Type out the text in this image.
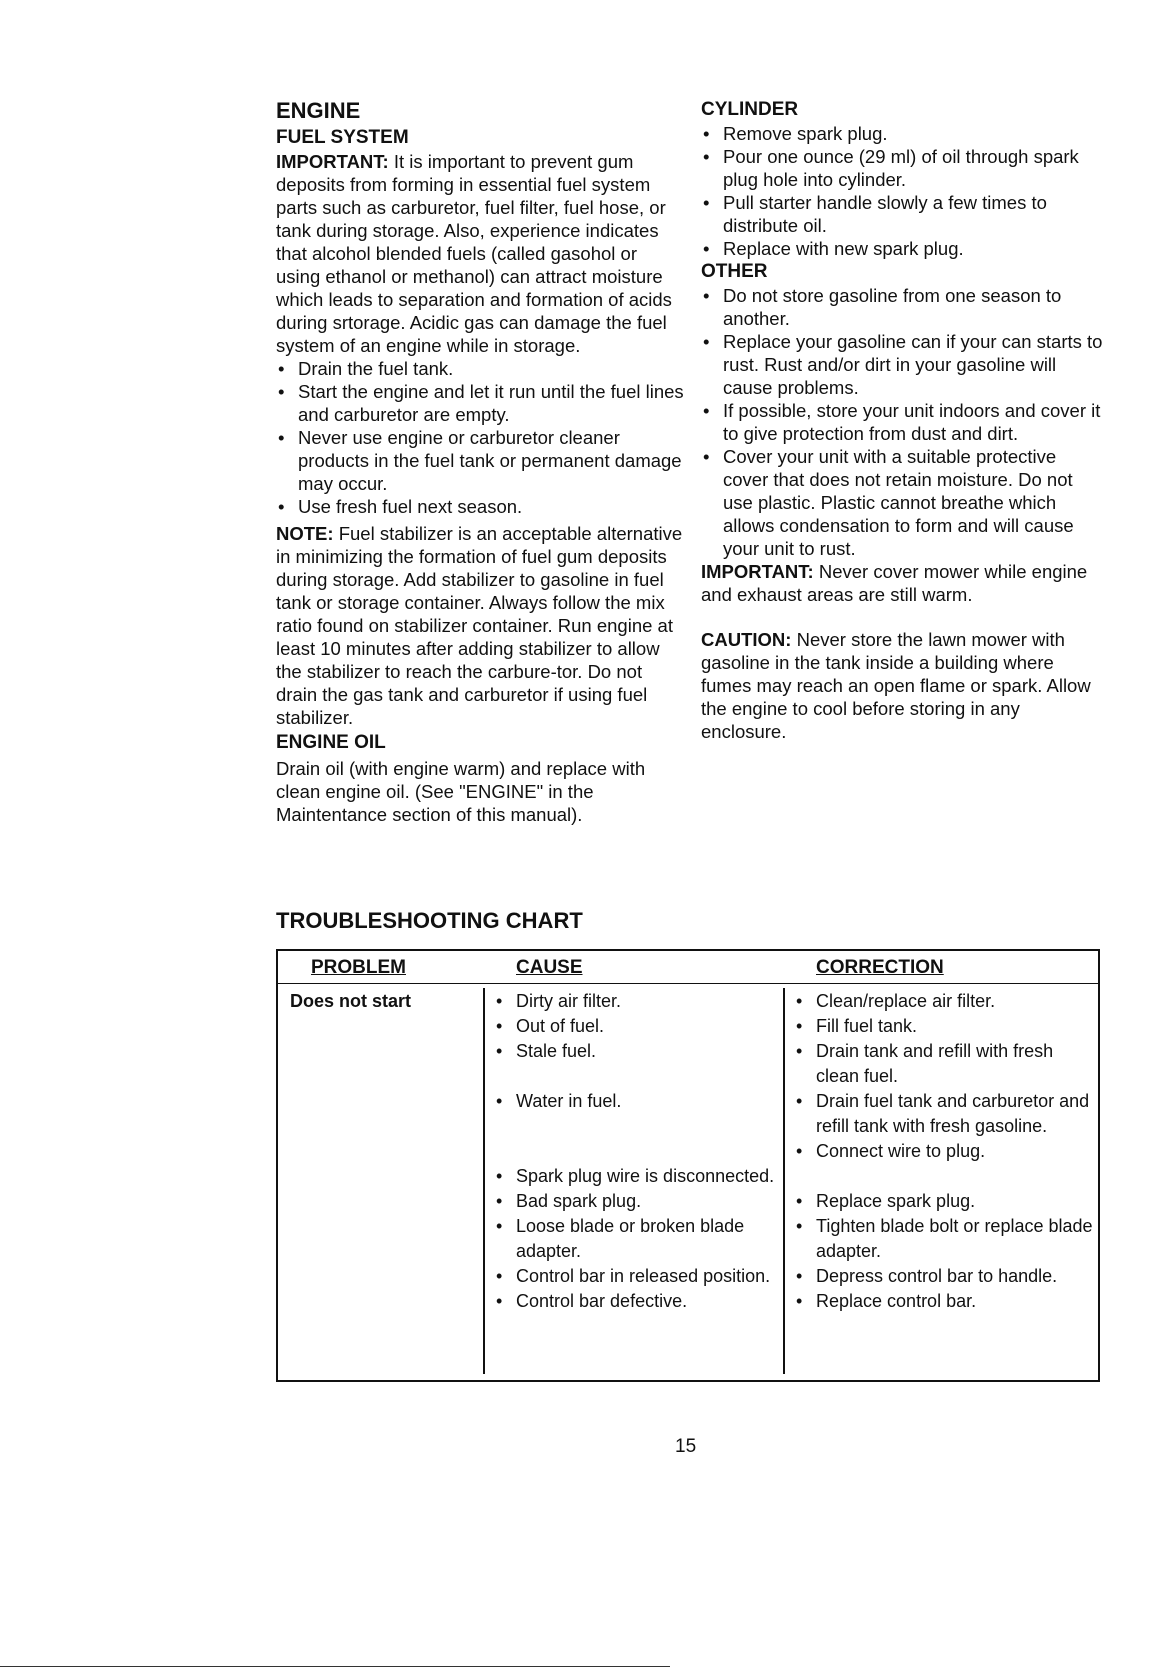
ENGINE
FUEL SYSTEM

IMPORTANT: It is important to prevent gum deposits from forming in essential fuel system parts such as carburetor, fuel filter, fuel hose, or tank during storage. Also, experience indicates that alcohol blended fuels (called gasohol or using ethanol or methanol) can attract moisture which leads to separation and formation of acids during srtorage. Acidic gas can damage the fuel system of an engine while in storage.

• Drain the fuel tank.
• Start the engine and let it run until the fuel lines and carburetor are empty.
• Never use engine or carburetor cleaner products in the fuel tank or permanent damage may occur.
• Use fresh fuel next season.

NOTE: Fuel stabilizer is an acceptable alternative in minimizing the formation of fuel gum deposits during storage. Add stabilizer to gasoline in fuel tank or storage container. Always follow the mix ratio found on stabilizer container. Run engine at least 10 minutes after adding stabilizer to allow the stabilizer to reach the carbure-tor. Do not drain the gas tank and carburetor if using fuel stabilizer.

ENGINE OIL

Drain oil (with engine warm) and replace with clean engine oil. (See "ENGINE" in the Maintentance section of this manual).

CYLINDER
• Remove spark plug.
• Pour one ounce (29 ml) of oil through spark plug hole into cylinder.
• Pull starter handle slowly a few times to distribute oil.
• Replace with new spark plug.
OTHER
• Do not store gasoline from one season to another.
• Replace your gasoline can if your can starts to rust. Rust and/or dirt in your gasoline will cause problems.
• If possible, store your unit indoors and cover it to give protection from dust and dirt.
• Cover your unit with a suitable protective cover that does not retain moisture. Do not use plastic. Plastic cannot breathe which allows condensation to form and will cause your unit to rust.

IMPORTANT: Never cover mower while engine and exhaust areas are still warm.

CAUTION: Never store the lawn mower with gasoline in the tank inside a building where fumes may reach an open flame or spark. Allow the engine to cool before storing in any enclosure.

TROUBLESHOOTING CHART
PROBLEM	CAUSE	CORRECTION
Does not start
•	Dirty air filter.
• Out of fuel.
• Stale fuel.
• Water in fuel.
• Spark plug wire is disconnected.
• Bad spark plug.
• Loose blade or broken blade adapter.
• Control bar in released position.
• Control bar defective.
• Clean/replace air filter.
• Fill fuel tank.
• Drain tank and refill with fresh clean fuel.
• Drain fuel tank and carburetor and refill tank with fresh gasoline.
• Connect wire to plug.
• Replace spark plug.
• Tighten blade bolt or replace blade adapter.
• Depress control bar to handle.
• Replace control bar.
15
